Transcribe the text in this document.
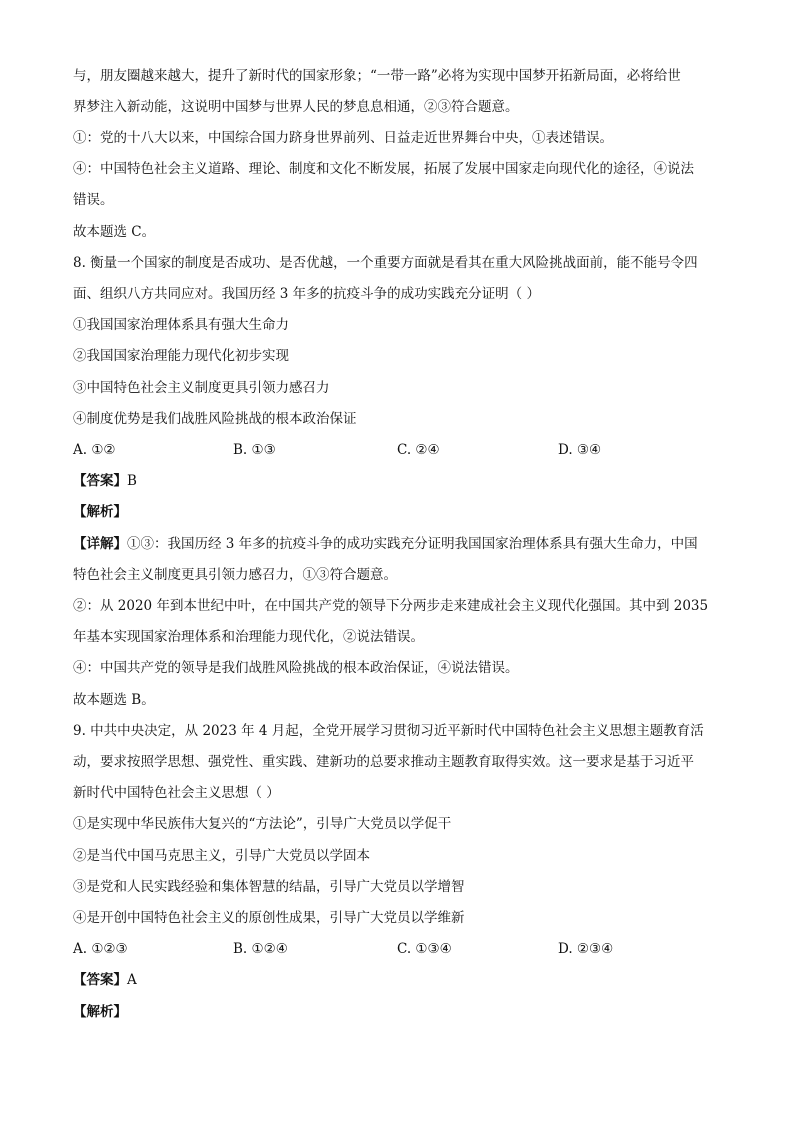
与，朋友圈越来越大，提升了新时代的国家形象；“一带一路”必将为实现中国梦开拓新局面，必将给世
界梦注入新动能，这说明中国梦与世界人民的梦息息相通，②③符合题意。
①：党的十八大以来，中国综合国力跻身世界前列、日益走近世界舞台中央，①表述错误。
④：中国特色社会主义道路、理论、制度和文化不断发展，拓展了发展中国家走向现代化的途径，④说法
错误。
故本题选 C。
8. 衡量一个国家的制度是否成功、是否优越，一个重要方面就是看其在重大风险挑战面前，能不能号令四
面、组织八方共同应对。我国历经 3 年多的抗疫斗争的成功实践充分证明（ ）
①我国国家治理体系具有强大生命力
②我国国家治理能力现代化初步实现
③中国特色社会主义制度更具引领力感召力
④制度优势是我们战胜风险挑战的根本政治保证
A. ①②	B. ①③	C. ②④	D. ③④
【答案】B
【解析】
【详解】①③：我国历经 3 年多的抗疫斗争的成功实践充分证明我国国家治理体系具有强大生命力，中国
特色社会主义制度更具引领力感召力，①③符合题意。
②：从 2020 年到本世纪中叶，在中国共产党的领导下分两步走来建成社会主义现代化强国。其中到 2035
年基本实现国家治理体系和治理能力现代化，②说法错误。
④：中国共产党的领导是我们战胜风险挑战的根本政治保证，④说法错误。
故本题选 B。
9. 中共中央决定，从 2023 年 4 月起，全党开展学习贯彻习近平新时代中国特色社会主义思想主题教育活
动，要求按照学思想、强党性、重实践、建新功的总要求推动主题教育取得实效。这一要求是基于习近平
新时代中国特色社会主义思想（ ）
①是实现中华民族伟大复兴的“方法论”，引导广大党员以学促干
②是当代中国马克思主义，引导广大党员以学固本
③是党和人民实践经验和集体智慧的结晶，引导广大党员以学增智
④是开创中国特色社会主义的原创性成果，引导广大党员以学维新
A. ①②③	B. ①②④	C. ①③④	D. ②③④
【答案】A
【解析】
